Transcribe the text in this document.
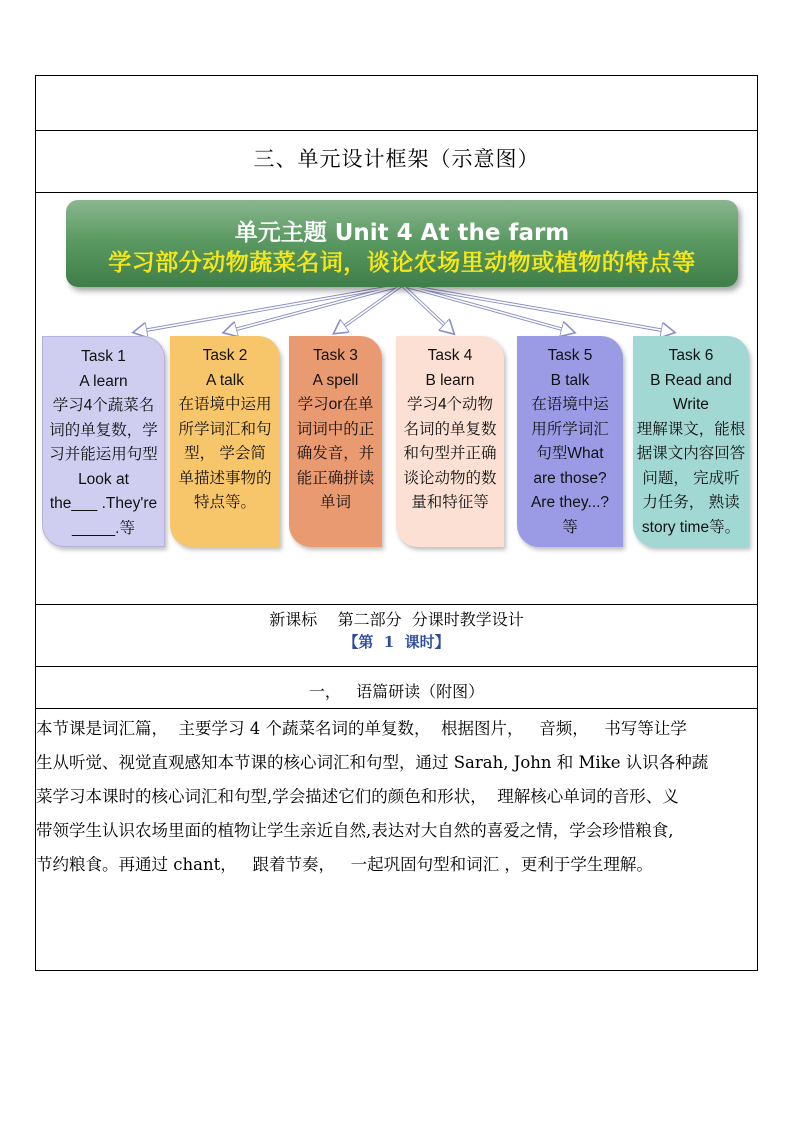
三、单元设计框架（示意图）
单元主题 Unit 4 At the farm
学习部分动物蔬菜名词，谈论农场里动物或植物的特点等
Task 1
A learn
学习4个蔬菜名
词的单复数，学
习并能运用句型
Look at
the___ .They're
_____.等
Task 2
A talk
在语境中运用
所学词汇和句
型， 学会简
单描述事物的
特点等。
Task 3
A spell
学习or在单
词词中的正
确发音，并
能正确拼读
单词
Task 4
B learn
学习4个动物
名词的单复数
和句型并正确
谈论动物的数
量和特征等
Task 5
B talk
在语境中运
用所学词汇
句型What
are those?
Are they...?
等
Task 6
B Read and
Write
理解课文，能根
据课文内容回答
问题， 完成听
力任务， 熟读
story time等。
新课标    第二部分  分课时教学设计
【第  1  课时】
一，   语篇研读（附图）
本节课是词汇篇，  主要学习 4 个蔬菜名词的单复数，  根据图片，   音频，   书写等让学
生从听觉、视觉直观感知本节课的核心词汇和句型，通过 Sarah, John 和 Mike 认识各种蔬
菜学习本课时的核心词汇和句型,学会描述它们的颜色和形状，  理解核心单词的音形、义
带领学生认识农场里面的植物让学生亲近自然,表达对大自然的喜爱之情，学会珍惜粮食,
节约粮食。再通过 chant，   跟着节奏，   一起巩固句型和词汇 ，更利于学生理解。
